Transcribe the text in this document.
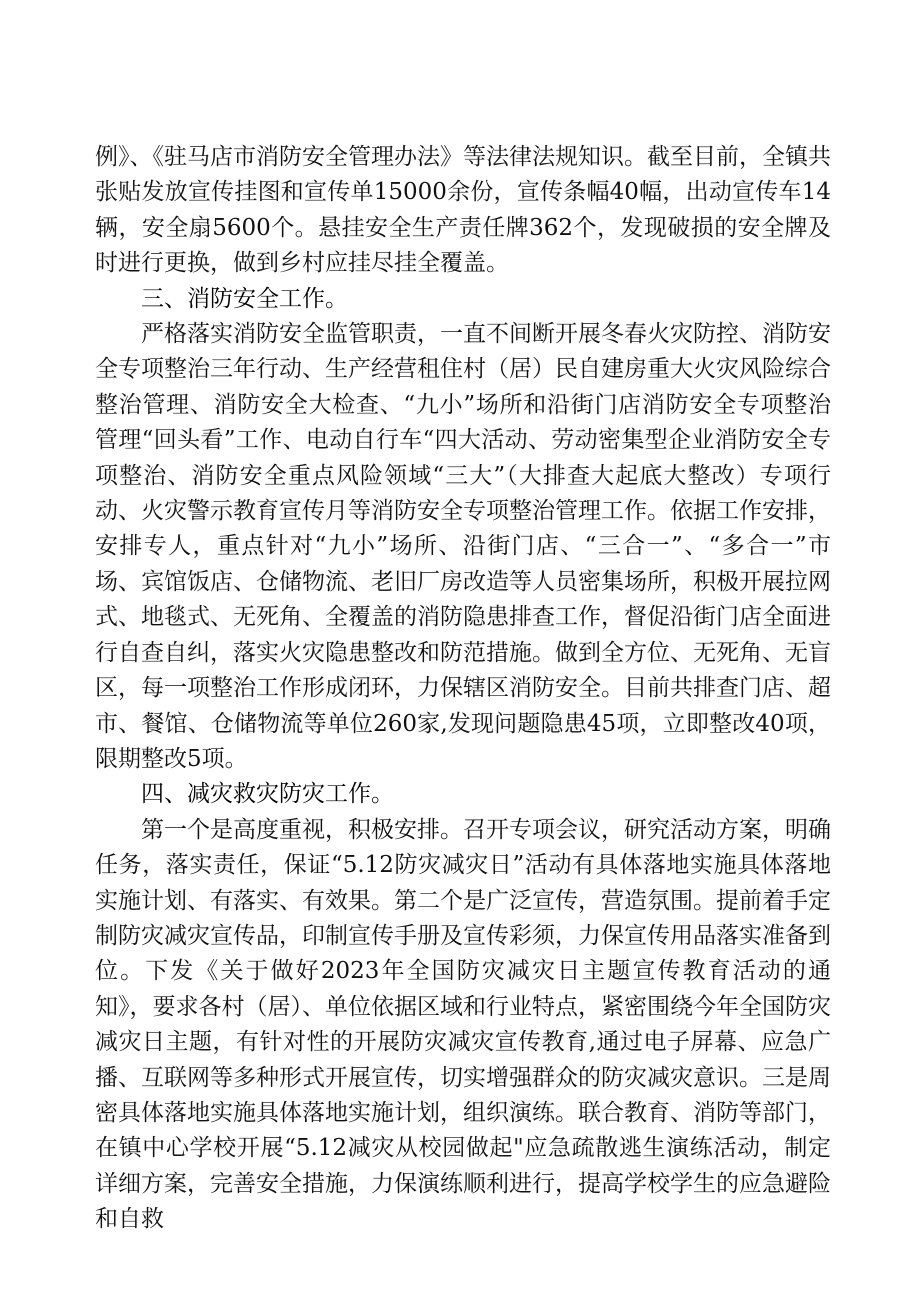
例》、《驻马店市消防安全管理办法》等法律法规知识。截至目前，全镇共张贴发放宣传挂图和宣传单15000余份，宣传条幅40幅，出动宣传车14辆，安全扇5600个。悬挂安全生产责任牌362个，发现破损的安全牌及时进行更换，做到乡村应挂尽挂全覆盖。

三、消防安全工作。

严格落实消防安全监管职责，一直不间断开展冬春火灾防控、消防安全专项整治三年行动、生产经营租住村（居）民自建房重大火灾风险综合整治管理、消防安全大检查、“九小”场所和沿街门店消防安全专项整治管理“回头看”工作、电动自行车“四大活动、劳动密集型企业消防安全专项整治、消防安全重点风险领域“三大”（大排查大起底大整改）专项行动、火灾警示教育宣传月等消防安全专项整治管理工作。依据工作安排，安排专人，重点针对“九小”场所、沿街门店、“三合一”、“多合一”市场、宾馆饭店、仓储物流、老旧厂房改造等人员密集场所，积极开展拉网式、地毯式、无死角、全覆盖的消防隐患排查工作，督促沿街门店全面进行自查自纠，落实火灾隐患整改和防范措施。做到全方位、无死角、无盲区，每一项整治工作形成闭环，力保辖区消防安全。目前共排查门店、超市、餐馆、仓储物流等单位260家,发现问题隐患45项，立即整改40项，限期整改5项。

四、减灾救灾防灾工作。

第一个是高度重视，积极安排。召开专项会议，研究活动方案，明确任务，落实责任，保证“5.12防灾减灾日”活动有具体落地实施具体落地实施计划、有落实、有效果。第二个是广泛宣传，营造氛围。提前着手定制防灾减灾宣传品，印制宣传手册及宣传彩须，力保宣传用品落实准备到位。下发《关于做好2023年全国防灾减灾日主题宣传教育活动的通知》，要求各村（居）、单位依据区域和行业特点，紧密围绕今年全国防灾减灾日主题，有针对性的开展防灾减灾宣传教育,通过电子屏幕、应急广播、互联网等多种形式开展宣传，切实增强群众的防灾减灾意识。三是周密具体落地实施具体落地实施计划，组织演练。联合教育、消防等部门，在镇中心学校开展“5.12减灾从校园做起"应急疏散逃生演练活动，制定详细方案，完善安全措施，力保演练顺利进行，提高学校学生的应急避险和自救
